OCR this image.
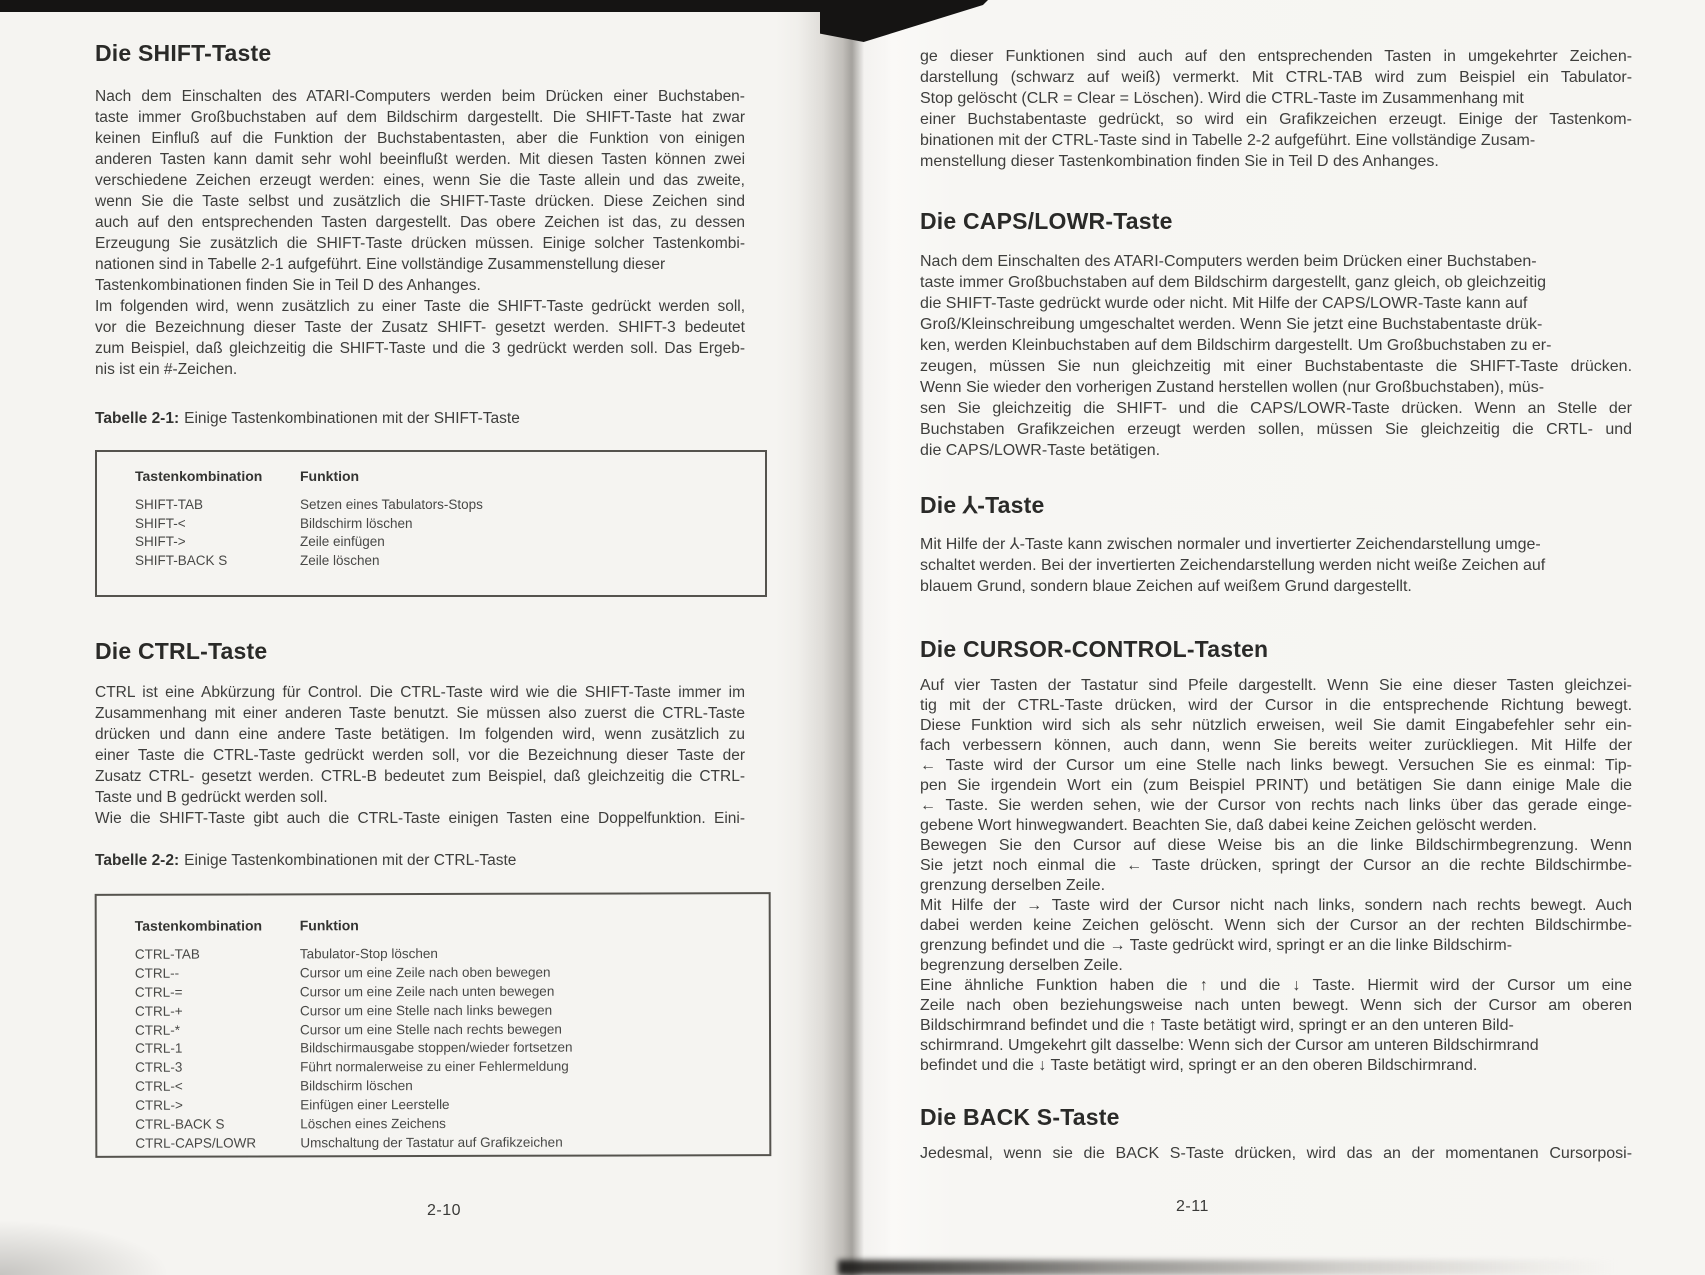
Die SHIFT-Taste
Nach dem Einschalten des ATARI-Computers werden beim Drücken einer Buchstaben-
taste immer Großbuchstaben auf dem Bildschirm dargestellt. Die SHIFT-Taste hat zwar
keinen Einfluß auf die Funktion der Buchstabentasten, aber die Funktion von einigen
anderen Tasten kann damit sehr wohl beeinflußt werden. Mit diesen Tasten können zwei
verschiedene Zeichen erzeugt werden: eines, wenn Sie die Taste allein und das zweite,
wenn Sie die Taste selbst und zusätzlich die SHIFT-Taste drücken. Diese Zeichen sind
auch auf den entsprechenden Tasten dargestellt. Das obere Zeichen ist das, zu dessen
Erzeugung Sie zusätzlich die SHIFT-Taste drücken müssen. Einige solcher Tastenkombi-
nationen sind in Tabelle 2-1 aufgeführt. Eine vollständige Zusammenstellung dieser
Tastenkombinationen finden Sie in Teil D des Anhanges.
Im folgenden wird, wenn zusätzlich zu einer Taste die SHIFT-Taste gedrückt werden soll,
vor die Bezeichnung dieser Taste der Zusatz SHIFT- gesetzt werden. SHIFT-3 bedeutet
zum Beispiel, daß gleichzeitig die SHIFT-Taste und die 3 gedrückt werden soll. Das Ergeb-
nis ist ein #-Zeichen.
Tabelle 2-1: Einige Tastenkombinationen mit der SHIFT-Taste
Tastenkombination	Funktion
SHIFT-TAB	Setzen eines Tabulators-Stops
SHIFT-<	Bildschirm löschen
SHIFT->	Zeile einfügen
SHIFT-BACK S	Zeile löschen
Die CTRL-Taste
CTRL ist eine Abkürzung für Control. Die CTRL-Taste wird wie die SHIFT-Taste immer im
Zusammenhang mit einer anderen Taste benutzt. Sie müssen also zuerst die CTRL-Taste
drücken und dann eine andere Taste betätigen. Im folgenden wird, wenn zusätzlich zu
einer Taste die CTRL-Taste gedrückt werden soll, vor die Bezeichnung dieser Taste der
Zusatz CTRL- gesetzt werden. CTRL-B bedeutet zum Beispiel, daß gleichzeitig die CTRL-
Taste und B gedrückt werden soll.
Wie die SHIFT-Taste gibt auch die CTRL-Taste einigen Tasten eine Doppelfunktion. Eini-
Tabelle 2-2: Einige Tastenkombinationen mit der CTRL-Taste
Tastenkombination	Funktion
CTRL-TAB	Tabulator-Stop löschen
CTRL--	Cursor um eine Zeile nach oben bewegen
CTRL-=	Cursor um eine Zeile nach unten bewegen
CTRL-+	Cursor um eine Stelle nach links bewegen
CTRL-*	Cursor um eine Stelle nach rechts bewegen
CTRL-1	Bildschirmausgabe stoppen/wieder fortsetzen
CTRL-3	Führt normalerweise zu einer Fehlermeldung
CTRL-<	Bildschirm löschen
CTRL->	Einfügen einer Leerstelle
CTRL-BACK S	Löschen eines Zeichens
CTRL-CAPS/LOWR	Umschaltung der Tastatur auf Grafikzeichen
2-10
ge dieser Funktionen sind auch auf den entsprechenden Tasten in umgekehrter Zeichen-
darstellung (schwarz auf weiß) vermerkt. Mit CTRL-TAB wird zum Beispiel ein Tabulator-
Stop gelöscht (CLR = Clear = Löschen). Wird die CTRL-Taste im Zusammenhang mit
einer Buchstabentaste gedrückt, so wird ein Grafikzeichen erzeugt. Einige der Tastenkom-
binationen mit der CTRL-Taste sind in Tabelle 2-2 aufgeführt. Eine vollständige Zusam-
menstellung dieser Tastenkombination finden Sie in Teil D des Anhanges.
Die CAPS/LOWR-Taste
Nach dem Einschalten des ATARI-Computers werden beim Drücken einer Buchstaben-
taste immer Großbuchstaben auf dem Bildschirm dargestellt, ganz gleich, ob gleichzeitig
die SHIFT-Taste gedrückt wurde oder nicht. Mit Hilfe der CAPS/LOWR-Taste kann auf
Groß/Kleinschreibung umgeschaltet werden. Wenn Sie jetzt eine Buchstabentaste drük-
ken, werden Kleinbuchstaben auf dem Bildschirm dargestellt. Um Großbuchstaben zu er-
zeugen, müssen Sie nun gleichzeitig mit einer Buchstabentaste die SHIFT-Taste drücken.
Wenn Sie wieder den vorherigen Zustand herstellen wollen (nur Großbuchstaben), müs-
sen Sie gleichzeitig die SHIFT- und die CAPS/LOWR-Taste drücken. Wenn an Stelle der
Buchstaben Grafikzeichen erzeugt werden sollen, müssen Sie gleichzeitig die CRTL- und
die CAPS/LOWR-Taste betätigen.
Die ⅄-Taste
Mit Hilfe der ⅄-Taste kann zwischen normaler und invertierter Zeichendarstellung umge-
schaltet werden. Bei der invertierten Zeichendarstellung werden nicht weiße Zeichen auf
blauem Grund, sondern blaue Zeichen auf weißem Grund dargestellt.
Die CURSOR-CONTROL-Tasten
Auf vier Tasten der Tastatur sind Pfeile dargestellt. Wenn Sie eine dieser Tasten gleichzei-
tig mit der CTRL-Taste drücken, wird der Cursor in die entsprechende Richtung bewegt.
Diese Funktion wird sich als sehr nützlich erweisen, weil Sie damit Eingabefehler sehr ein-
fach verbessern können, auch dann, wenn Sie bereits weiter zurückliegen. Mit Hilfe der
← Taste wird der Cursor um eine Stelle nach links bewegt. Versuchen Sie es einmal: Tip-
pen Sie irgendein Wort ein (zum Beispiel PRINT) und betätigen Sie dann einige Male die
← Taste. Sie werden sehen, wie der Cursor von rechts nach links über das gerade einge-
gebene Wort hinwegwandert. Beachten Sie, daß dabei keine Zeichen gelöscht werden.
Bewegen Sie den Cursor auf diese Weise bis an die linke Bildschirmbegrenzung. Wenn
Sie jetzt noch einmal die ← Taste drücken, springt der Cursor an die rechte Bildschirmbe-
grenzung derselben Zeile.
Mit Hilfe der → Taste wird der Cursor nicht nach links, sondern nach rechts bewegt. Auch
dabei werden keine Zeichen gelöscht. Wenn sich der Cursor an der rechten Bildschirmbe-
grenzung befindet und die → Taste gedrückt wird, springt er an die linke Bildschirm-
begrenzung derselben Zeile.
Eine ähnliche Funktion haben die ↑ und die ↓ Taste. Hiermit wird der Cursor um eine
Zeile nach oben beziehungsweise nach unten bewegt. Wenn sich der Cursor am oberen
Bildschirmrand befindet und die ↑ Taste betätigt wird, springt er an den unteren Bild-
schirmrand. Umgekehrt gilt dasselbe: Wenn sich der Cursor am unteren Bildschirmrand
befindet und die ↓ Taste betätigt wird, springt er an den oberen Bildschirmrand.
Die BACK S-Taste
Jedesmal, wenn sie die BACK S-Taste drücken, wird das an der momentanen Cursorposi-
2-11
